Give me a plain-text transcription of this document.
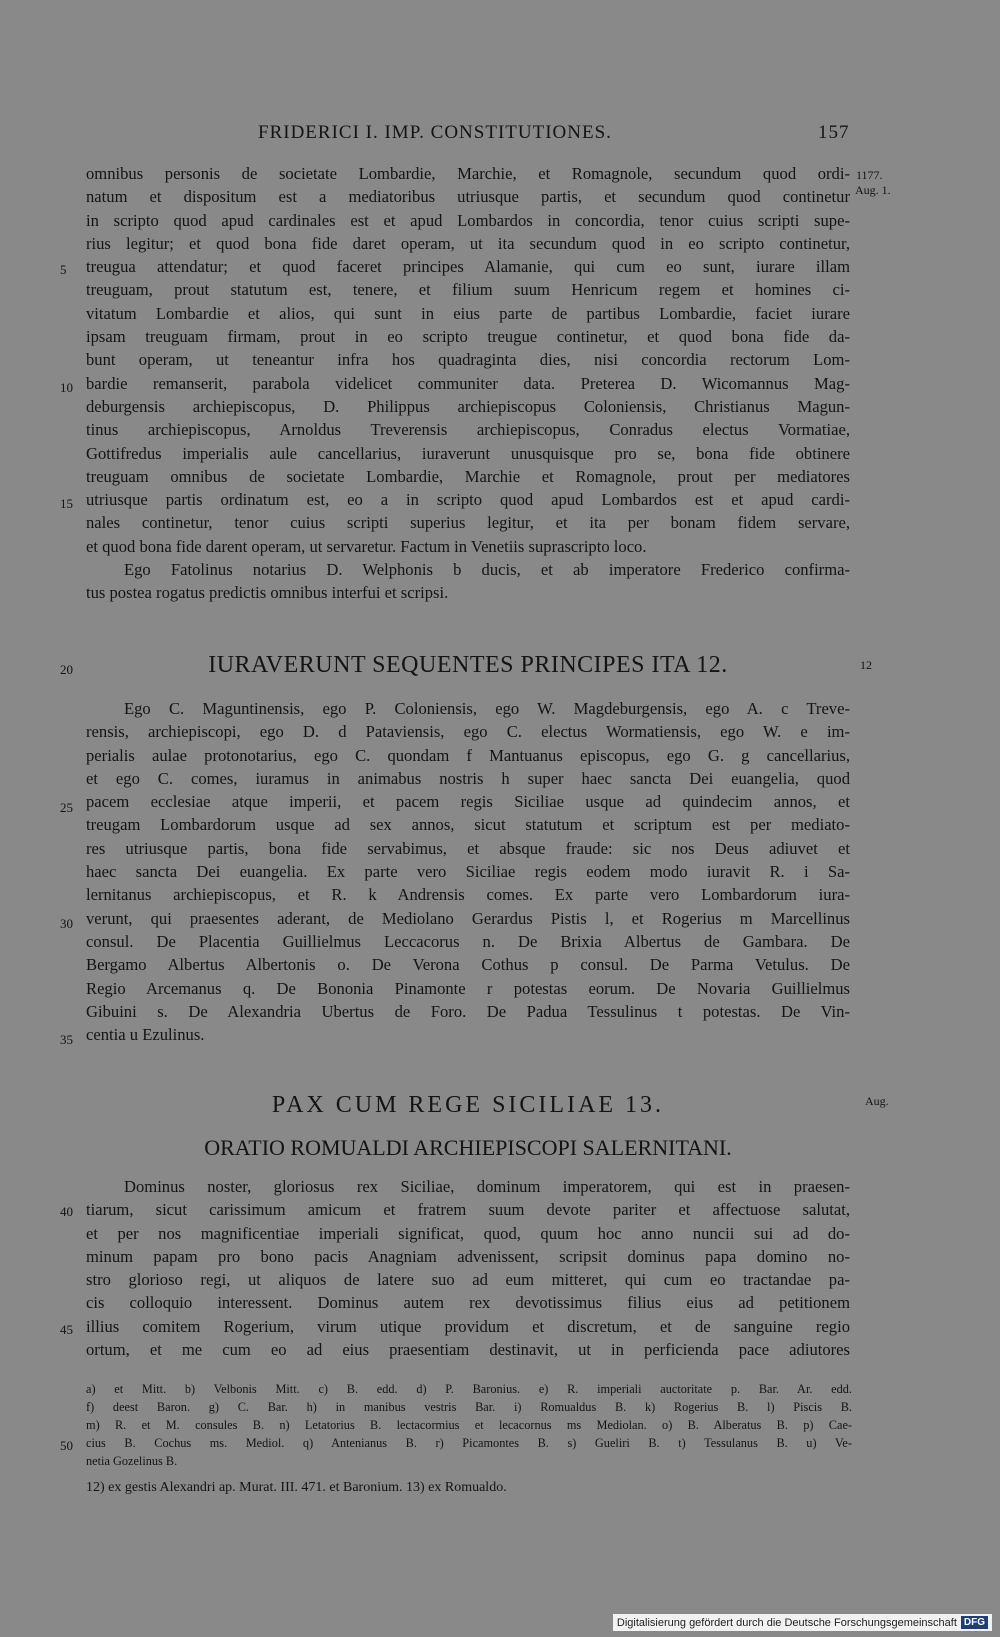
FRIDERICI I. IMP. CONSTITUTIONES.	157
1177.
Aug. 1.
12
Aug.
5
10
15
20
25
30
35
40
45
50
omnibus personis de societate Lombardie, Marchie, et Romagnole, secundum quod ordi-
natum et dispositum est a mediatoribus utriusque partis, et secundum quod continetur
in scripto quod apud cardinales est et apud Lombardos in concordia, tenor cuius scripti supe-
rius legitur; et quod bona fide daret operam, ut ita secundum quod in eo scripto continetur,
treugua attendatur; et quod faceret principes Alamanie, qui cum eo sunt, iurare illam
treuguam, prout statutum est, tenere, et filium suum Henricum regem et homines ci-
vitatum Lombardie et alios, qui sunt in eius parte de partibus Lombardie, faciet iurare
ipsam treuguam firmam, prout in eo scripto treugue continetur, et quod bona fide da-
bunt operam, ut teneantur infra hos quadraginta dies, nisi concordia rectorum Lom-
bardie remanserit, parabola videlicet communiter data. Preterea D. Wicomannus Mag-
deburgensis archiepiscopus, D. Philippus archiepiscopus Coloniensis, Christianus Magun-
tinus archiepiscopus, Arnoldus Treverensis archiepiscopus, Conradus electus Vormatiae,
Gottifredus imperialis aule cancellarius, iuraverunt unusquisque pro se, bona fide obtinere
treuguam omnibus de societate Lombardie, Marchie et Romagnole, prout per mediatores
utriusque partis ordinatum est, eo a in scripto quod apud Lombardos est et apud cardi-
nales continetur, tenor cuius scripti superius legitur, et ita per bonam fidem servare,
et quod bona fide darent operam, ut servaretur. Factum in Venetiis suprascripto loco.
Ego Fatolinus notarius D. Welphonis b ducis, et ab imperatore Frederico confirma-
tus postea rogatus predictis omnibus interfui et scripsi.
IURAVERUNT SEQUENTES PRINCIPES ITA 12.
Ego C. Maguntinensis, ego P. Coloniensis, ego W. Magdeburgensis, ego A. c Treve-
rensis, archiepiscopi, ego D. d Pataviensis, ego C. electus Wormatiensis, ego W. e im-
perialis aulae protonotarius, ego C. quondam f Mantuanus episcopus, ego G. g cancellarius,
et ego C. comes, iuramus in animabus nostris h super haec sancta Dei euangelia, quod
pacem ecclesiae atque imperii, et pacem regis Siciliae usque ad quindecim annos, et
treugam Lombardorum usque ad sex annos, sicut statutum et scriptum est per mediato-
res utriusque partis, bona fide servabimus, et absque fraude: sic nos Deus adiuvet et
haec sancta Dei euangelia. Ex parte vero Siciliae regis eodem modo iuravit R. i Sa-
lernitanus archiepiscopus, et R. k Andrensis comes. Ex parte vero Lombardorum iura-
verunt, qui praesentes aderant, de Mediolano Gerardus Pistis l, et Rogerius m Marcellinus
consul. De Placentia Guillielmus Leccacorus n. De Brixia Albertus de Gambara. De
Bergamo Albertus Albertonis o. De Verona Cothus p consul. De Parma Vetulus. De
Regio Arcemanus q. De Bononia Pinamonte r potestas eorum. De Novaria Guillielmus
Gibuini s. De Alexandria Ubertus de Foro. De Padua Tessulinus t potestas. De Vin-
centia u Ezulinus.
PAX CUM REGE SICILIAE 13.
ORATIO ROMUALDI ARCHIEPISCOPI SALERNITANI.
Dominus noster, gloriosus rex Siciliae, dominum imperatorem, qui est in praesen-
tiarum, sicut carissimum amicum et fratrem suum devote pariter et affectuose salutat,
et per nos magnificentiae imperiali significat, quod, quum hoc anno nuncii sui ad do-
minum papam pro bono pacis Anagniam advenissent, scripsit dominus papa domino no-
stro glorioso regi, ut aliquos de latere suo ad eum mitteret, qui cum eo tractandae pa-
cis colloquio interessent. Dominus autem rex devotissimus filius eius ad petitionem
illius comitem Rogerium, virum utique providum et discretum, et de sanguine regio
ortum, et me cum eo ad eius praesentiam destinavit, ut in perficienda pace adiutores
a) et Mitt. b) Velbonis Mitt. c) B. edd. d) P. Baronius. e) R. imperiali auctoritate p. Bar. Ar. edd.
f) deest Baron. g) C. Bar. h) in manibus vestris Bar. i) Romualdus B. k) Rogerius B. l) Piscis B.
m) R. et M. consules B. n) Letatorius B. lectacormius et lecacornus ms Mediolan. o) B. Alberatus B. p) Cae-
cius B. Cochus ms. Mediol. q) Antenianus B. r) Picamontes B. s) Gueliri B. t) Tessulanus B. u) Ve-
netia Gozelinus B.
12) ex gestis Alexandri ap. Murat. III. 471. et Baronium. 13) ex Romualdo.
Digitalisierung gefördert durch die Deutsche Forschungsgemeinschaft DFG
